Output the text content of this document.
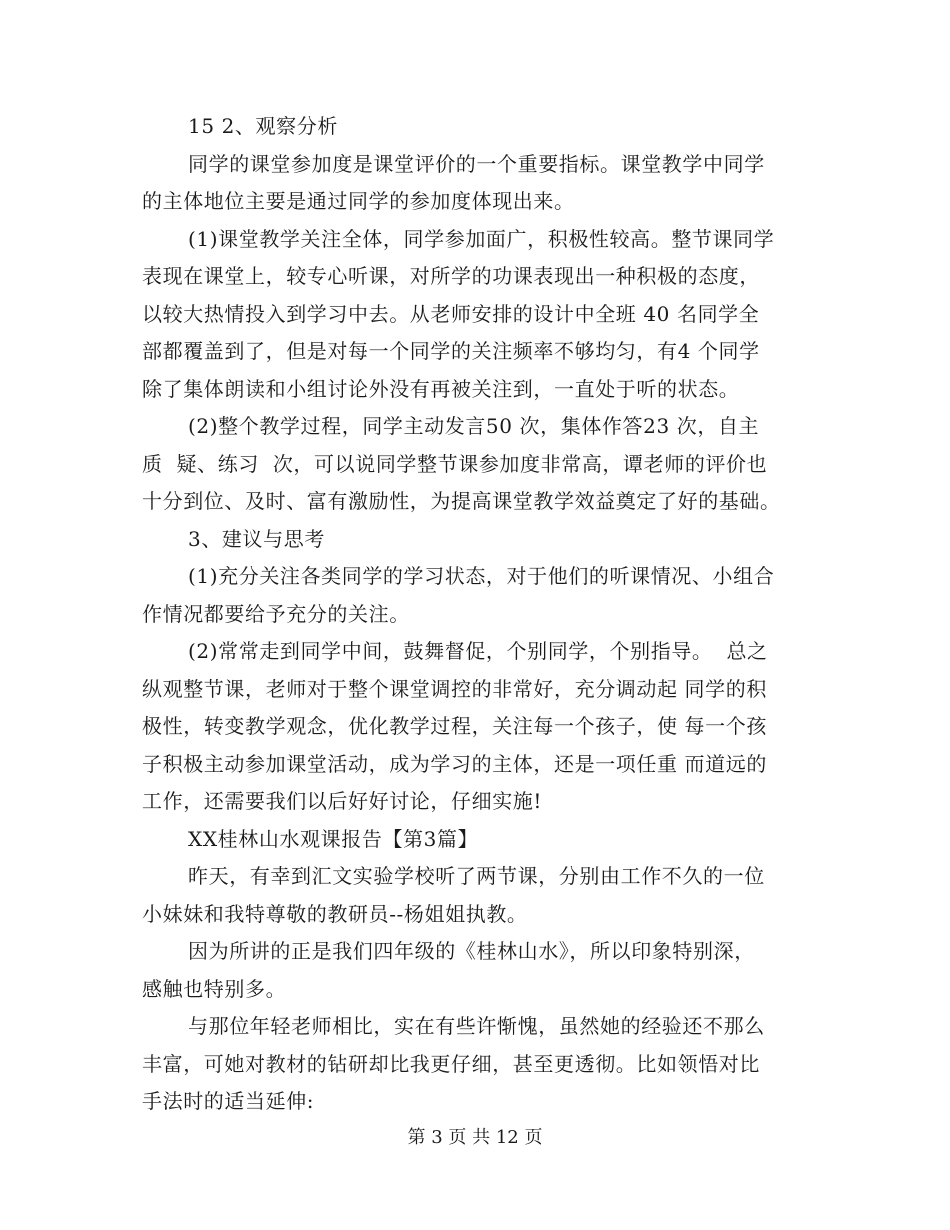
15 2、观察分析
同学的课堂参加度是课堂评价的一个重要指标。课堂教学中同学
的主体地位主要是通过同学的参加度体现出来。
(1)课堂教学关注全体，同学参加面广，积极性较高。整节课同学
表现在课堂上，较专心听课，对所学的功课表现出一种积极的态度，
以较大热情投入到学习中去。从老师安排的设计中全班 40 名同学全
部都覆盖到了，但是对每一个同学的关注频率不够均匀，有4 个同学
除了集体朗读和小组讨论外没有再被关注到，一直处于听的状态。
(2)整个教学过程，同学主动发言50 次，集体作答23 次，自主
质  疑、练习  次，可以说同学整节课参加度非常高，谭老师的评价也
十分到位、及时、富有激励性，为提高课堂教学效益奠定了好的基础。
3、建议与思考
(1)充分关注各类同学的学习状态，对于他们的听课情况、小组合
作情况都要给予充分的关注。
(2)常常走到同学中间，鼓舞督促，个别同学，个别指导。  总之
纵观整节课，老师对于整个课堂调控的非常好，充分调动起 同学的积
极性，转变教学观念，优化教学过程，关注每一个孩子，使 每一个孩
子积极主动参加课堂活动，成为学习的主体，还是一项任重 而道远的
工作，还需要我们以后好好讨论，仔细实施!
XX桂林山水观课报告【第3篇】
昨天，有幸到汇文实验学校听了两节课，分别由工作不久的一位
小妹妹和我特尊敬的教研员--杨姐姐执教。
因为所讲的正是我们四年级的《桂林山水》，所以印象特别深，
感触也特别多。
与那位年轻老师相比，实在有些许惭愧，虽然她的经验还不那么
丰富，可她对教材的钻研却比我更仔细，甚至更透彻。比如领悟对比
手法时的适当延伸:
第 3 页 共 12 页
